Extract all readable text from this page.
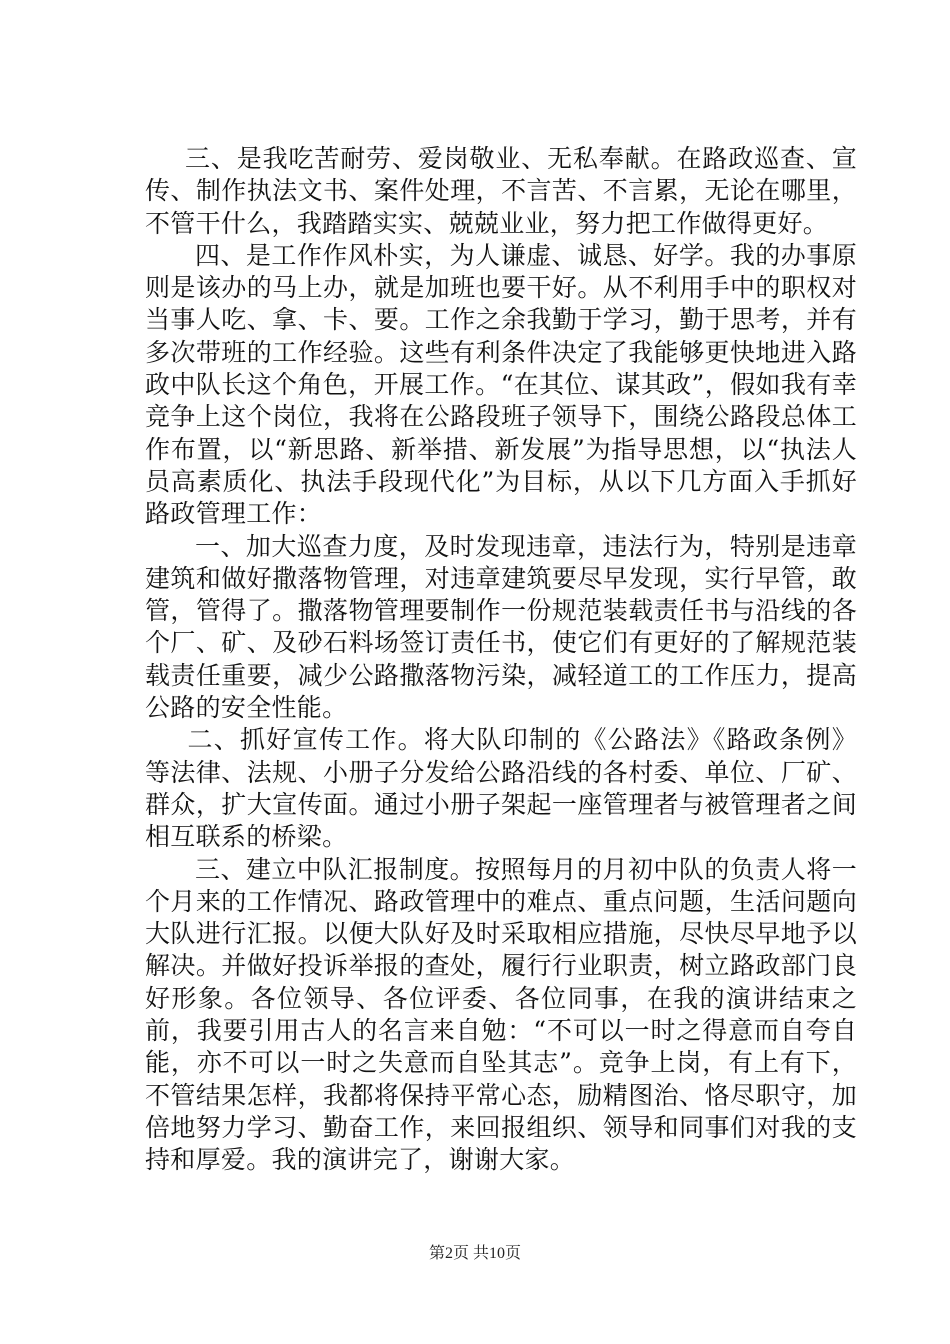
三、是我吃苦耐劳、爱岗敬业、无私奉献。在路政巡查、宣传、制作执法文书、案件处理，不言苦、不言累，无论在哪里，不管干什么，我踏踏实实、兢兢业业，努力把工作做得更好。

四、是工作作风朴实，为人谦虚、诚恳、好学。我的办事原则是该办的马上办，就是加班也要干好。从不利用手中的职权对当事人吃、拿、卡、要。工作之余我勤于学习，勤于思考，并有多次带班的工作经验。这些有利条件决定了我能够更快地进入路政中队长这个角色，开展工作。“在其位、谋其政”，假如我有幸竞争上这个岗位，我将在公路段班子领导下，围绕公路段总体工作布置，以“新思路、新举措、新发展”为指导思想，以“执法人员高素质化、执法手段现代化”为目标，从以下几方面入手抓好路政管理工作：

一、加大巡查力度，及时发现违章，违法行为，特别是违章建筑和做好撒落物管理，对违章建筑要尽早发现，实行早管，敢管，管得了。撒落物管理要制作一份规范装载责任书与沿线的各个厂、矿、及砂石料场签订责任书，使它们有更好的了解规范装载责任重要，减少公路撒落物污染，减轻道工的工作压力，提高公路的安全性能。

二、抓好宣传工作。将大队印制的《公路法》《路政条例》等法律、法规、小册子分发给公路沿线的各村委、单位、厂矿、群众，扩大宣传面。通过小册子架起一座管理者与被管理者之间相互联系的桥梁。

三、建立中队汇报制度。按照每月的月初中队的负责人将一个月来的工作情况、路政管理中的难点、重点问题，生活问题向大队进行汇报。以便大队好及时采取相应措施，尽快尽早地予以解决。并做好投诉举报的查处，履行行业职责，树立路政部门良好形象。各位领导、各位评委、各位同事，在我的演讲结束之前，我要引用古人的名言来自勉：“不可以一时之得意而自夸自能，亦不可以一时之失意而自坠其志”。竞争上岗，有上有下，不管结果怎样，我都将保持平常心态，励精图治、恪尽职守，加倍地努力学习、勤奋工作，来回报组织、领导和同事们对我的支持和厚爱。我的演讲完了，谢谢大家。

第2页 共10页
